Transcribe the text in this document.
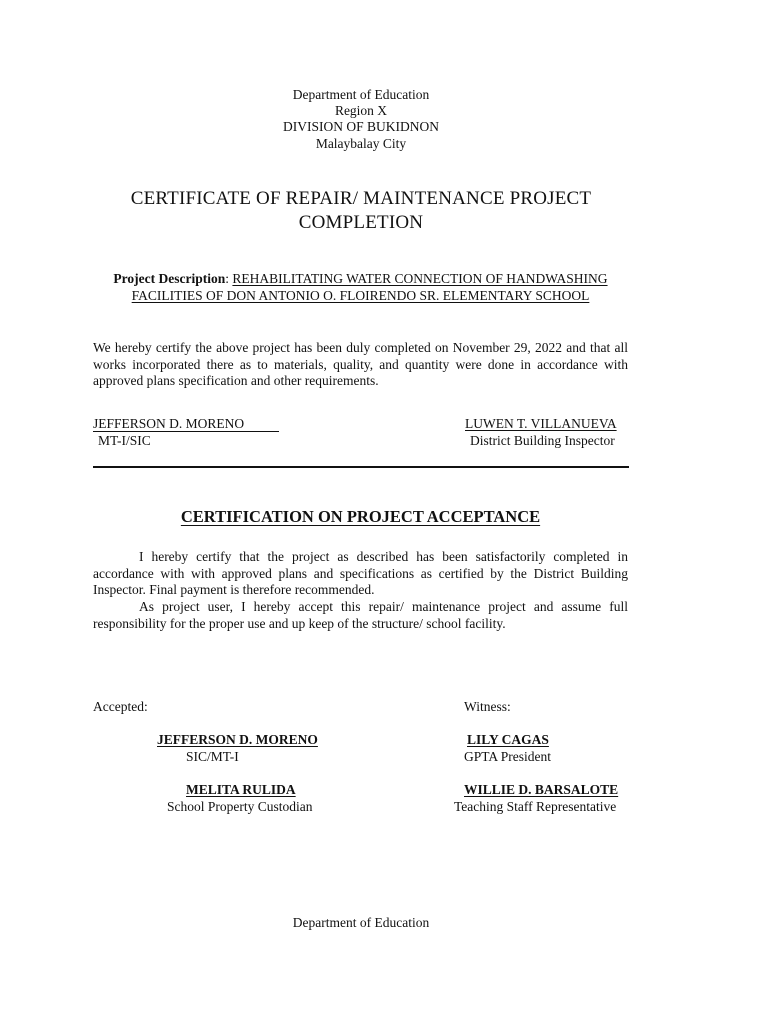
Department of Education
Region X
DIVISION OF BUKIDNON
Malaybalay City
CERTIFICATE OF REPAIR/ MAINTENANCE PROJECT
COMPLETION
Project Description: REHABILITATING WATER CONNECTION OF HANDWASHING
FACILITIES OF DON ANTONIO O. FLOIRENDO SR. ELEMENTARY SCHOOL
We hereby certify the above project has been duly completed on November 29, 2022 and that all works incorporated there as to materials, quality, and quantity were done in accordance with approved plans specification and other requirements.
JEFFERSON D. MORENO
MT-I/SIC
LUWEN T. VILLANUEVA
District Building Inspector
CERTIFICATION ON PROJECT ACCEPTANCE
I hereby certify that the project as described has been satisfactorily completed in accordance with with approved plans and specifications as certified by the District Building Inspector. Final payment is therefore recommended.
As project user, I hereby accept this repair/ maintenance project and assume full responsibility for the proper use and up keep of the structure/ school facility.
Accepted:	Witness:
JEFFERSON D. MORENO
SIC/MT-I
MELITA RULIDA
School Property Custodian
LILY CAGAS
GPTA President
WILLIE D. BARSALOTE
Teaching Staff Representative
Department of Education
